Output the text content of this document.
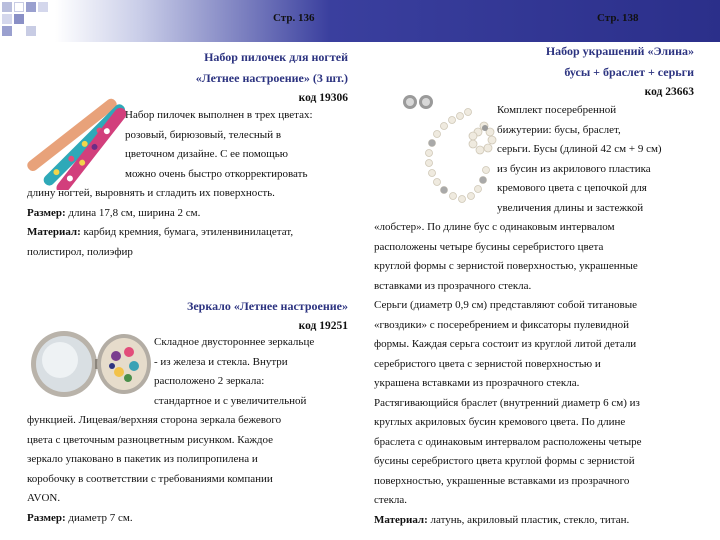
Стр. 136	Стр. 138
Набор пилочек для ногтей
«Летнее настроение» (3 шт.)
код 19306
Набор пилочек выполнен в трех цветах:
розовый, бирюзовый, телесный в
цветочном дизайне. С ее помощью
можно очень быстро откорректировать
длину ногтей, выровнять и сгладить их поверхность.
Размер: длина 17,8 см, ширина 2 см.
Материал: карбид кремния, бумага, этиленвинилацетат,
полистирол, полиэфир
Зеркало «Летнее настроение»
код 19251
Складное двустороннее зеркальце
- из железа и стекла. Внутри
расположено 2 зеркала:
стандартное и с увеличительной
функцией. Лицевая/верхняя сторона зеркала бежевого
цвета с цветочным разноцветным рисунком. Каждое
зеркало упаковано в пакетик из полипропилена и
коробочку в соответствии с требованиями компании
AVON.
Размер: диаметр 7 см.
Набор украшений «Элина»
бусы + браслет + серьги
код 23663
Комплект посеребренной
бижутерии: бусы, браслет,
серьги. Бусы (длиной 42 см + 9 см)
из бусин из акрилового пластика
кремового цвета с цепочкой для
увеличения длины и застежкой
«лобстер». По длине бус с одинаковым интервалом
расположены четыре бусины серебристого цвета
круглой формы с зернистой поверхностью, украшенные
вставками из прозрачного стекла.
Серьги (диаметр 0,9 см) представляют собой титановые
«гвоздики» с посеребрением и фиксаторы пулевидной
формы. Каждая серьга состоит из круглой литой детали
серебристого цвета с зернистой поверхностью и
украшена вставками из прозрачного стекла.
Растягивающийся браслет (внутренний диаметр 6 см) из
круглых акриловых бусин кремового цвета. По длине
браслета с одинаковым интервалом расположены четыре
бусины серебристого цвета круглой формы с зернистой
поверхностью, украшенные вставками из прозрачного
стекла.
Материал: латунь, акриловый пластик, стекло, титан.
